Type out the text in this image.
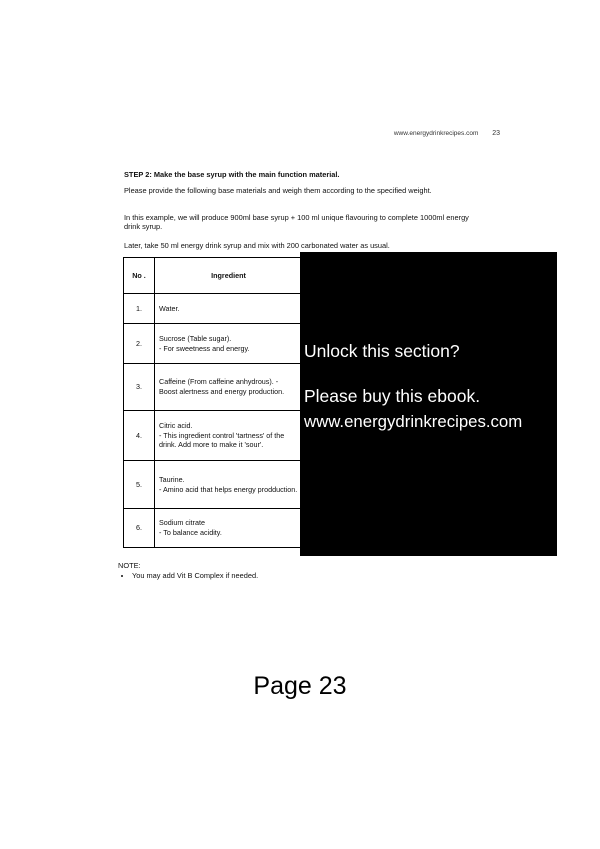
www.energydrinkrecipes.com 23
STEP 2: Make the base syrup with the main function material.
Please provide the following base materials and weigh them according to the specified weight.
In this example, we will produce 900ml base syrup + 100 ml unique flavouring to complete 1000ml energy drink syrup.
Later, take 50 ml energy drink syrup and mix with 200 carbonated water as usual.
No .	Ingredient
1.	Water.

2.	Sucrose (Table sugar).
- For sweetness and energy.

3.	Caffeine (From caffeine anhydrous). -
Boost alertness and energy production.

4.	Citric acid.
- This ingredient control 'tartness' of the drink. Add more to make it 'sour'.

5.	Taurine.
- Amino acid that helps energy prodduction.

6.	Sodium citrate
- To balance acidity.
Unlock this section?
Please buy this ebook.
www.energydrinkrecipes.com
NOTE:
• You may add Vit B Complex if needed.
Page 23
